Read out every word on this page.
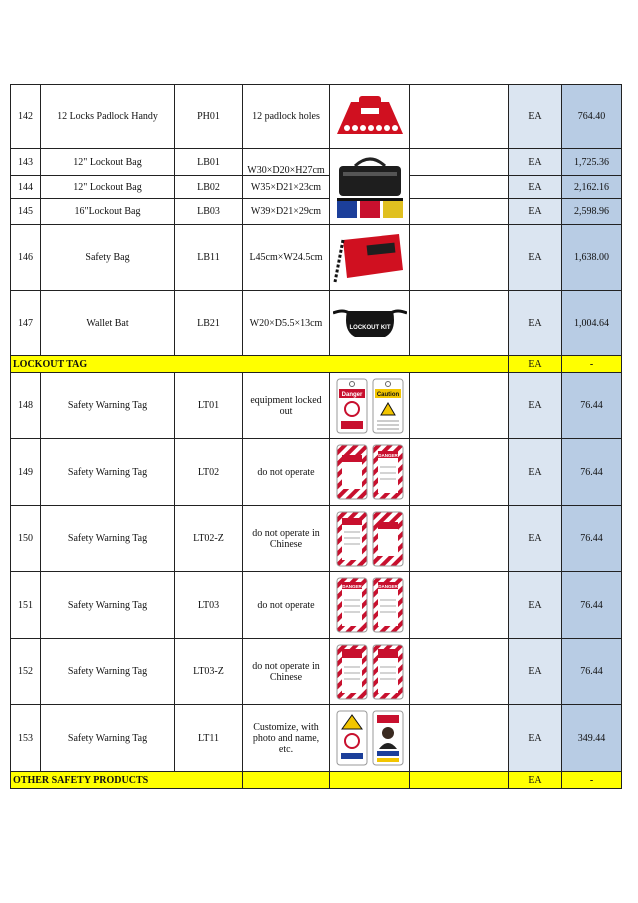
142	12 Locks Padlock Handy	PH01	12 padlock holes			EA	764.40
143	12" Lockout Bag	LB01	W30×D20×H27cm			EA	1,725.36
144	12" Lockout Bag	LB02	W35×D21×23cm			EA	2,162.16
145	16"Lockout Bag	LB03	W39×D21×29cm			EA	2,598.96
146	Safety Bag	LB11	L45cm×W24.5cm			EA	1,638.00
147	Wallet Bat	LB21	W20×D5.5×13cm	LOCKOUT KIT		EA	1,004.64
LOCKOUT TAG						EA	-
148	Safety Warning Tag	LT01	equipment locked out	Danger Caution		EA	76.44
149	Safety Warning Tag	LT02	do not operate	DANGER		EA	76.44
150	Safety Warning Tag	LT02-Z	do not operate in Chinese			EA	76.44
151	Safety Warning Tag	LT03	do not operate	DANGER DANGER		EA	76.44
152	Safety Warning Tag	LT03-Z	do not operate in Chinese			EA	76.44
153	Safety Warning Tag	LT11	Customize, with photo and name, etc.			EA	349.44
OTHER SAFETY PRODUCTS						EA	-
